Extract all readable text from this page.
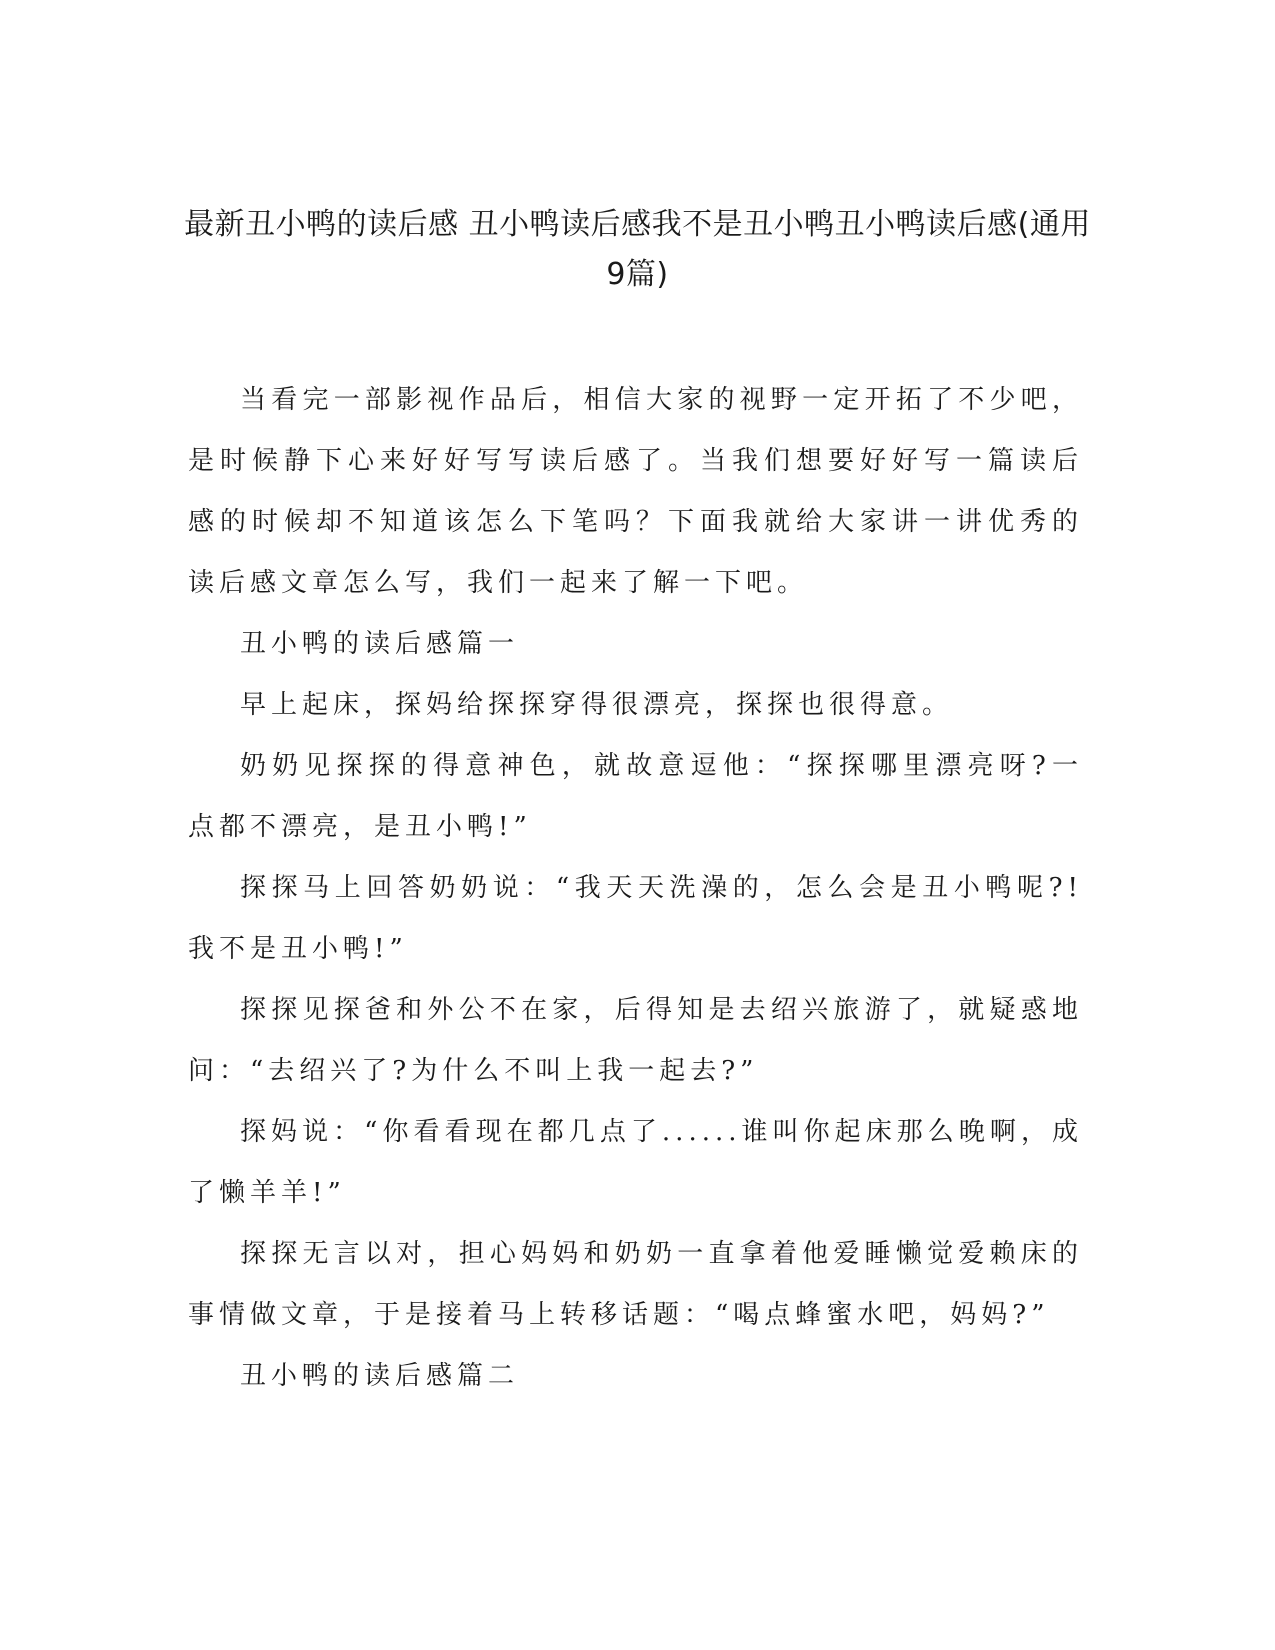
最新丑小鸭的读后感 丑小鸭读后感我不是丑小鸭丑小鸭读后感(通用9篇)

当看完一部影视作品后，相信大家的视野一定开拓了不少吧，是时候静下心来好好写写读后感了。当我们想要好好写一篇读后感的时候却不知道该怎么下笔吗？下面我就给大家讲一讲优秀的读后感文章怎么写，我们一起来了解一下吧。

丑小鸭的读后感篇一

早上起床，探妈给探探穿得很漂亮，探探也很得意。

奶奶见探探的得意神色，就故意逗他：“探探哪里漂亮呀?一点都不漂亮，是丑小鸭!”

探探马上回答奶奶说：“我天天洗澡的，怎么会是丑小鸭呢?!我不是丑小鸭!”

探探见探爸和外公不在家，后得知是去绍兴旅游了，就疑惑地问：“去绍兴了?为什么不叫上我一起去?”

探妈说：“你看看现在都几点了......谁叫你起床那么晚啊，成了懒羊羊!”

探探无言以对，担心妈妈和奶奶一直拿着他爱睡懒觉爱赖床的事情做文章，于是接着马上转移话题：“喝点蜂蜜水吧，妈妈?”

丑小鸭的读后感篇二
